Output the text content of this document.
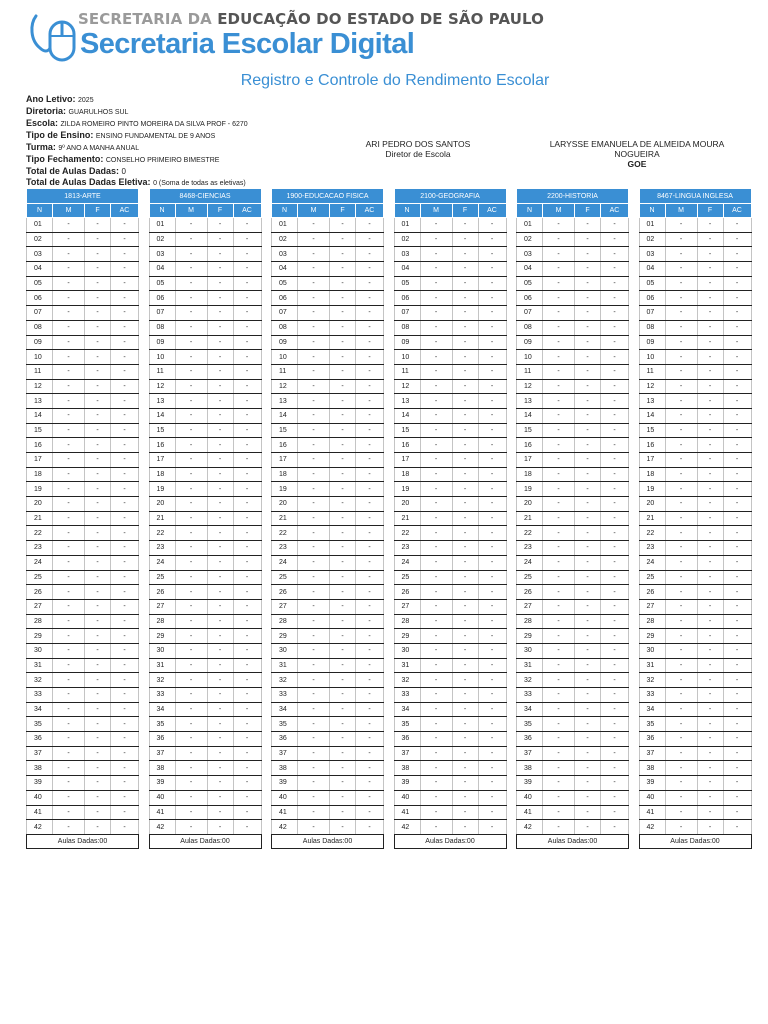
SECRETARIA DA EDUCAÇÃO DO ESTADO DE SÃO PAULO
Secretaria Escolar Digital
Registro e Controle do Rendimento Escolar
Ano Letivo: 2025
Diretoria: GUARULHOS SUL
Escola: ZILDA ROMEIRO PINTO MOREIRA DA SILVA PROF - 6270
Tipo de Ensino: ENSINO FUNDAMENTAL DE 9 ANOS
Turma: 9º ANO A MANHA ANUAL
Tipo Fechamento: CONSELHO PRIMEIRO BIMESTRE
Total de Aulas Dadas: 0
Total de Aulas Dadas Eletiva: 0 (Soma de todas as eletivas)
ARI PEDRO DOS SANTOS
Diretor de Escola
LARYSSE EMANUELA DE ALMEIDA MOURA
NOGUEIRA
GOE
1813-ARTE			
N	M	F	AC
01	-	-	-
02	-	-	-
03	-	-	-
04	-	-	-
05	-	-	-
06	-	-	-
07	-	-	-
08	-	-	-
09	-	-	-
10	-	-	-
11	-	-	-
12	-	-	-
13	-	-	-
14	-	-	-
15	-	-	-
16	-	-	-
17	-	-	-
18	-	-	-
19	-	-	-
20	-	-	-
21	-	-	-
22	-	-	-
23	-	-	-
24	-	-	-
25	-	-	-
26	-	-	-
27	-	-	-
28	-	-	-
29	-	-	-
30	-	-	-
31	-	-	-
32	-	-	-
33	-	-	-
34	-	-	-
35	-	-	-
36	-	-	-
37	-	-	-
38	-	-	-
39	-	-	-
40	-	-	-
41	-	-	-
42	-	-	-
Aulas Dadas:00			
8468-CIENCIAS			
N	M	F	AC
01	-	-	-
02	-	-	-
03	-	-	-
04	-	-	-
05	-	-	-
06	-	-	-
07	-	-	-
08	-	-	-
09	-	-	-
10	-	-	-
11	-	-	-
12	-	-	-
13	-	-	-
14	-	-	-
15	-	-	-
16	-	-	-
17	-	-	-
18	-	-	-
19	-	-	-
20	-	-	-
21	-	-	-
22	-	-	-
23	-	-	-
24	-	-	-
25	-	-	-
26	-	-	-
27	-	-	-
28	-	-	-
29	-	-	-
30	-	-	-
31	-	-	-
32	-	-	-
33	-	-	-
34	-	-	-
35	-	-	-
36	-	-	-
37	-	-	-
38	-	-	-
39	-	-	-
40	-	-	-
41	-	-	-
42	-	-	-
Aulas Dadas:00			
1900-EDUCACAO FISICA			
N	M	F	AC
01	-	-	-
02	-	-	-
03	-	-	-
04	-	-	-
05	-	-	-
06	-	-	-
07	-	-	-
08	-	-	-
09	-	-	-
10	-	-	-
11	-	-	-
12	-	-	-
13	-	-	-
14	-	-	-
15	-	-	-
16	-	-	-
17	-	-	-
18	-	-	-
19	-	-	-
20	-	-	-
21	-	-	-
22	-	-	-
23	-	-	-
24	-	-	-
25	-	-	-
26	-	-	-
27	-	-	-
28	-	-	-
29	-	-	-
30	-	-	-
31	-	-	-
32	-	-	-
33	-	-	-
34	-	-	-
35	-	-	-
36	-	-	-
37	-	-	-
38	-	-	-
39	-	-	-
40	-	-	-
41	-	-	-
42	-	-	-
Aulas Dadas:00			
2100-GEOGRAFIA			
N	M	F	AC
01	-	-	-
02	-	-	-
03	-	-	-
04	-	-	-
05	-	-	-
06	-	-	-
07	-	-	-
08	-	-	-
09	-	-	-
10	-	-	-
11	-	-	-
12	-	-	-
13	-	-	-
14	-	-	-
15	-	-	-
16	-	-	-
17	-	-	-
18	-	-	-
19	-	-	-
20	-	-	-
21	-	-	-
22	-	-	-
23	-	-	-
24	-	-	-
25	-	-	-
26	-	-	-
27	-	-	-
28	-	-	-
29	-	-	-
30	-	-	-
31	-	-	-
32	-	-	-
33	-	-	-
34	-	-	-
35	-	-	-
36	-	-	-
37	-	-	-
38	-	-	-
39	-	-	-
40	-	-	-
41	-	-	-
42	-	-	-
Aulas Dadas:00			
2200-HISTORIA			
N	M	F	AC
01	-	-	-
02	-	-	-
03	-	-	-
04	-	-	-
05	-	-	-
06	-	-	-
07	-	-	-
08	-	-	-
09	-	-	-
10	-	-	-
11	-	-	-
12	-	-	-
13	-	-	-
14	-	-	-
15	-	-	-
16	-	-	-
17	-	-	-
18	-	-	-
19	-	-	-
20	-	-	-
21	-	-	-
22	-	-	-
23	-	-	-
24	-	-	-
25	-	-	-
26	-	-	-
27	-	-	-
28	-	-	-
29	-	-	-
30	-	-	-
31	-	-	-
32	-	-	-
33	-	-	-
34	-	-	-
35	-	-	-
36	-	-	-
37	-	-	-
38	-	-	-
39	-	-	-
40	-	-	-
41	-	-	-
42	-	-	-
Aulas Dadas:00			
8467-LINGUA INGLESA			
N	M	F	AC
01	-	-	-
02	-	-	-
03	-	-	-
04	-	-	-
05	-	-	-
06	-	-	-
07	-	-	-
08	-	-	-
09	-	-	-
10	-	-	-
11	-	-	-
12	-	-	-
13	-	-	-
14	-	-	-
15	-	-	-
16	-	-	-
17	-	-	-
18	-	-	-
19	-	-	-
20	-	-	-
21	-	-	-
22	-	-	-
23	-	-	-
24	-	-	-
25	-	-	-
26	-	-	-
27	-	-	-
28	-	-	-
29	-	-	-
30	-	-	-
31	-	-	-
32	-	-	-
33	-	-	-
34	-	-	-
35	-	-	-
36	-	-	-
37	-	-	-
38	-	-	-
39	-	-	-
40	-	-	-
41	-	-	-
42	-	-	-
Aulas Dadas:00			
